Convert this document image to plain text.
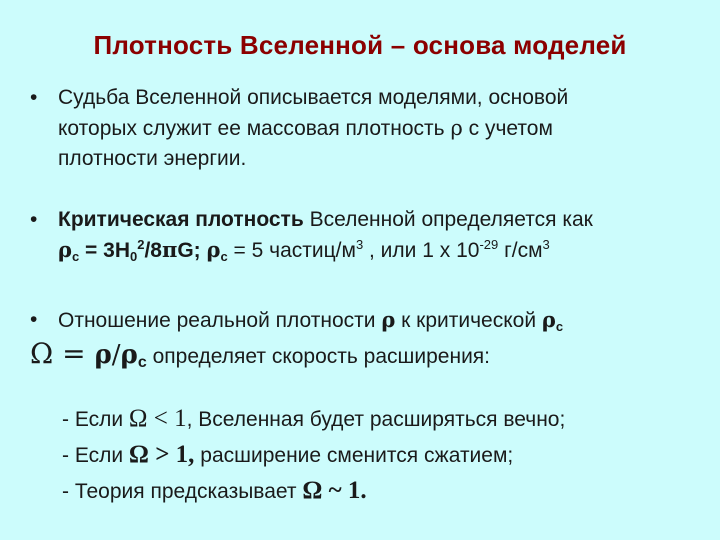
Плотность Вселенной – основа моделей
• Судьба Вселенной описывается моделями, основой
которых служит ее массовая плотность ρ с учетом
плотности энергии.
• Критическая плотность Вселенной определяется как
$\rho c = 3H0^2/8\pi G$; ρc = 5 частиц/$м^3$ , или 1 х $10^{-29}$ $г/см^3$
• Отношение реальной плотности ρ к критической ρc
Ω = ρ/ρc определяет скорость расширения:
- Если Ω < 1, Вселенная будет расширяться вечно;
- Если Ω > 1, расширение сменится сжатием;
- Теория предсказывает Ω ~ 1.
